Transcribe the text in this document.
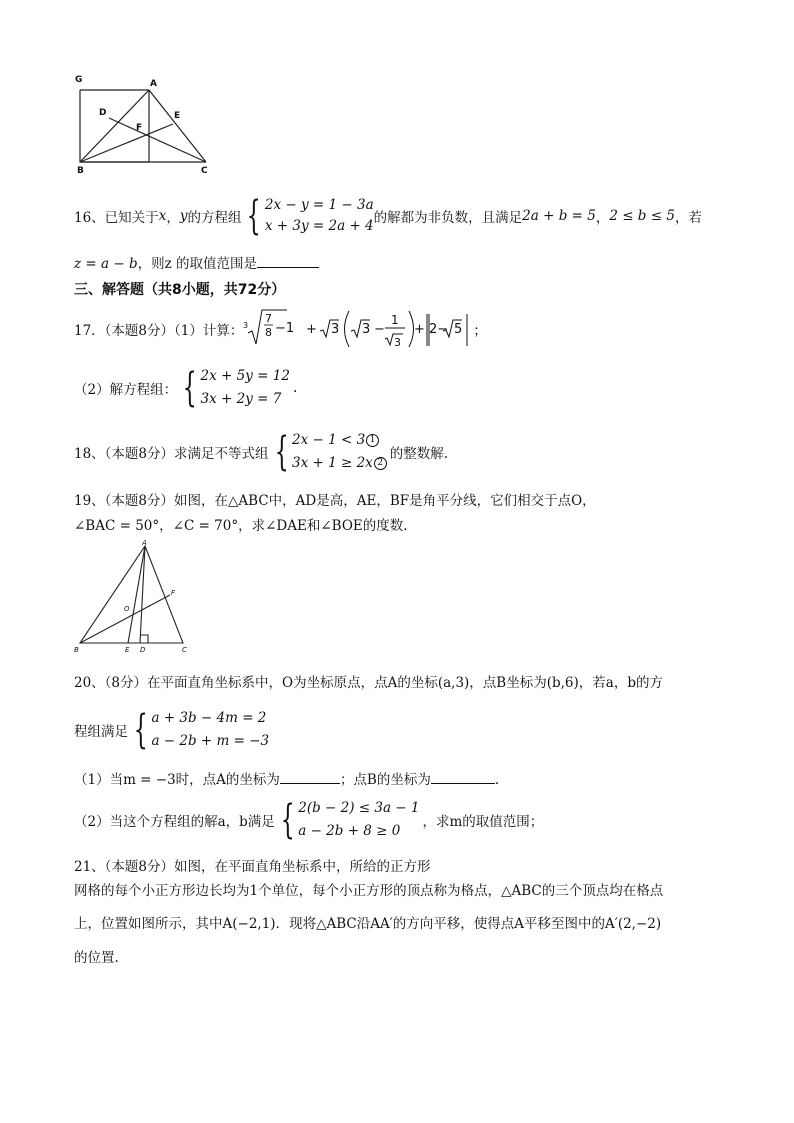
G	A
D	E
F
B	C
16、已知关于 x ， y 的方程组 { 2x − y = 1 − 3a
x + 3y = 2a + 4 的解都为非负数，且满足 2a + b = 5 ， 2 ≤ b ≤ 5 ，若
z = a − b，则z 的取值范围是
三、解答题（共8小题，共72分）
17．（本题8分）（1）计算： 3
7
8 −1 + 3 3 −
1
3
+ 2− 5 ；
（2）解方程组： { 2x + 5y = 12
3x + 2y = 7
.
18、（本题8分）求满足不等式组 { 2x − 1 < 3 1
3x + 1 ≥ 2x 2
的整数解.
19、（本题8分）如图，在△ABC中，AD是高，AE，BF是角平分线，它们相交于点O，
∠BAC = 50°，∠C = 70°，求∠DAE和∠BOE的度数.
A
B	C
D
E
F
O
20、（8分）在平面直角坐标系中，O为坐标原点，点A的坐标(a,3)，点B坐标为(b,6)，若a，b的方
程组满足 { a + 3b − 4m = 2
a − 2b + m = −3
（1）当m = −3时，点A的坐标为	；点B的坐标为	.
（2）当这个方程组的解a，b满足 { 2(b − 2) ≤ 3a − 1
a − 2b + 8 ≥ 0
，求m的取值范围；
21、（本题8分）如图，在平面直角坐标系中，所给的正方形
网格的每个小正方形边长均为1个单位，每个小正方形的顶点称为格点，△ABC的三个顶点均在格点
上，位置如图所示，其中A(−2,1)．现将△ABC沿AA′的方向平移，使得点A平移至图中的A′(2,−2)
的位置.
